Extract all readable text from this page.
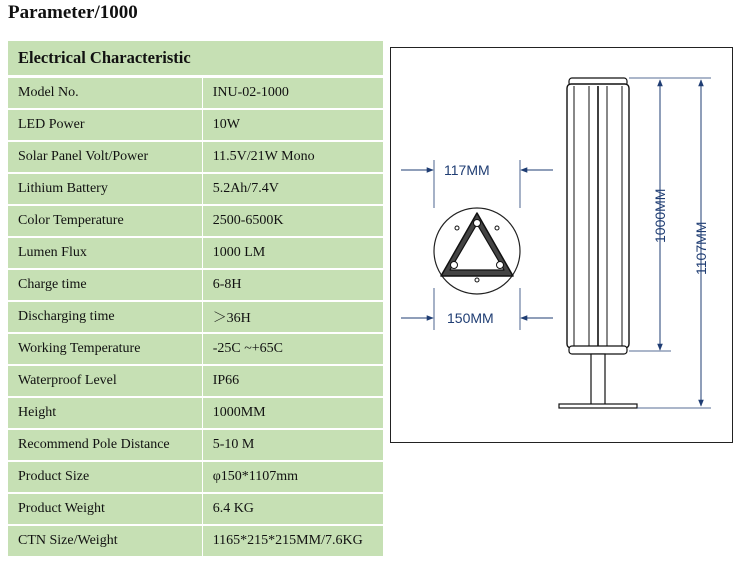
Parameter/1000
Electrical Characteristic	
Model No.	INU-02-1000
LED Power	10W
Solar Panel Volt/Power	11.5V/21W Mono
Lithium Battery	5.2Ah/7.4V
Color Temperature	2500-6500K
Lumen Flux	1000 LM
Charge time	6-8H
Discharging time	＞36H
Working Temperature	-25C ~+65C
Waterproof Level	IP66
Height	1000MM
Recommend Pole Distance	5-10 M
Product Size	φ150*1107mm
Product Weight	6.4 KG
CTN Size/Weight	1165*215*215MM/7.6KG
117MM
150MM
1000MM
1107MM
